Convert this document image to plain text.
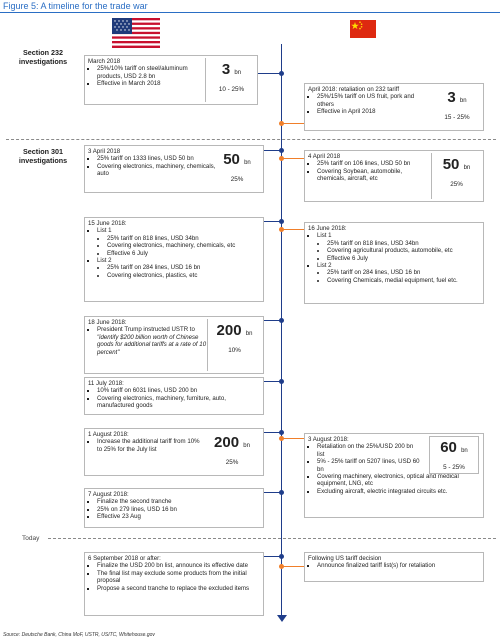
Figure 5: A timeline for the trade war
Section 232
investigations
Section 301
investigations
Today
March 2018
▪ 25%/10% tariff on steel/aluminum products, USD 2.8 bn
▪ Effective in March 2018
3 bn
10 - 25%	April 2018: retaliation on 232 tariff
▪ 25%/15% tariff on US fruit, pork and others
▪ Effective in April 2018
3 bn
15 - 25%
3 April 2018
▪ 25% tariff on 1333 lines, USD 50 bn
▪ Covering electronics, machinery, chemicals, auto
50 bn
25%
4 April 2018
▪ 25% tariff on 106 lines, USD 50 bn
▪ Covering Soybean, automobile, chemicals, aircraft, etc
50 bn
25%
15 June 2018:
▪ List 1
• 25% tariff on 818 lines, USD 34bn
• Covering electronics, machinery, chemicals, etc
• Effective 6 July
▪ List 2
• 25% tariff on 284 lines, USD 16 bn
• Covering electronics, plastics, etc
16 June 2018:
▪ List 1
• 25% tariff on 818 lines, USD 34bn
• Covering agricultural products, automobile, etc
• Effective 6 July
▪ List 2
• 25% tariff on 284 lines, USD 16 bn
• Covering Chemicals, medial equipment, fuel etc.
18 June 2018:
▪ President Trump instructed USTR to "identify $200 billion worth of Chinese goods for additional tariffs at a rate of 10 percent"
200 bn
10%
11 July 2018:
▪ 10% tariff on 6031 lines, USD 200 bn
▪ Covering electronics, machinery, furniture, auto, manufactured goods
1 August 2018:
▪ Increase the additional tariff from 10% to 25% for the July list	200 bn
25%
3 August 2018:
▪ Retaliation on the 25%/USD 200 bn list
▪ 5% - 25% tariff on 5207 lines, USD 60 bn
▪ Covering machinery, electronics, optical and medical equipment, LNG, etc
▪ Excluding aircraft, electric integrated circuits etc.
60 bn
5 - 25%
7 August 2018:
▪ Finalize the second tranche
▪ 25% on 279 lines, USD 16 bn
▪ Effective 23 Aug
6 September 2018 or after:
▪ Finalize the USD 200 bn list, announce its effective date
▪ The final list may exclude some products from the initial proposal
▪ Propose a second tranche to replace the excluded items
Following US tariff decision
▪ Announce finalized tariff list(s) for retaliation
Source: Deutsche Bank, China MoF, USTR, USITC, Whitehouse.gov
